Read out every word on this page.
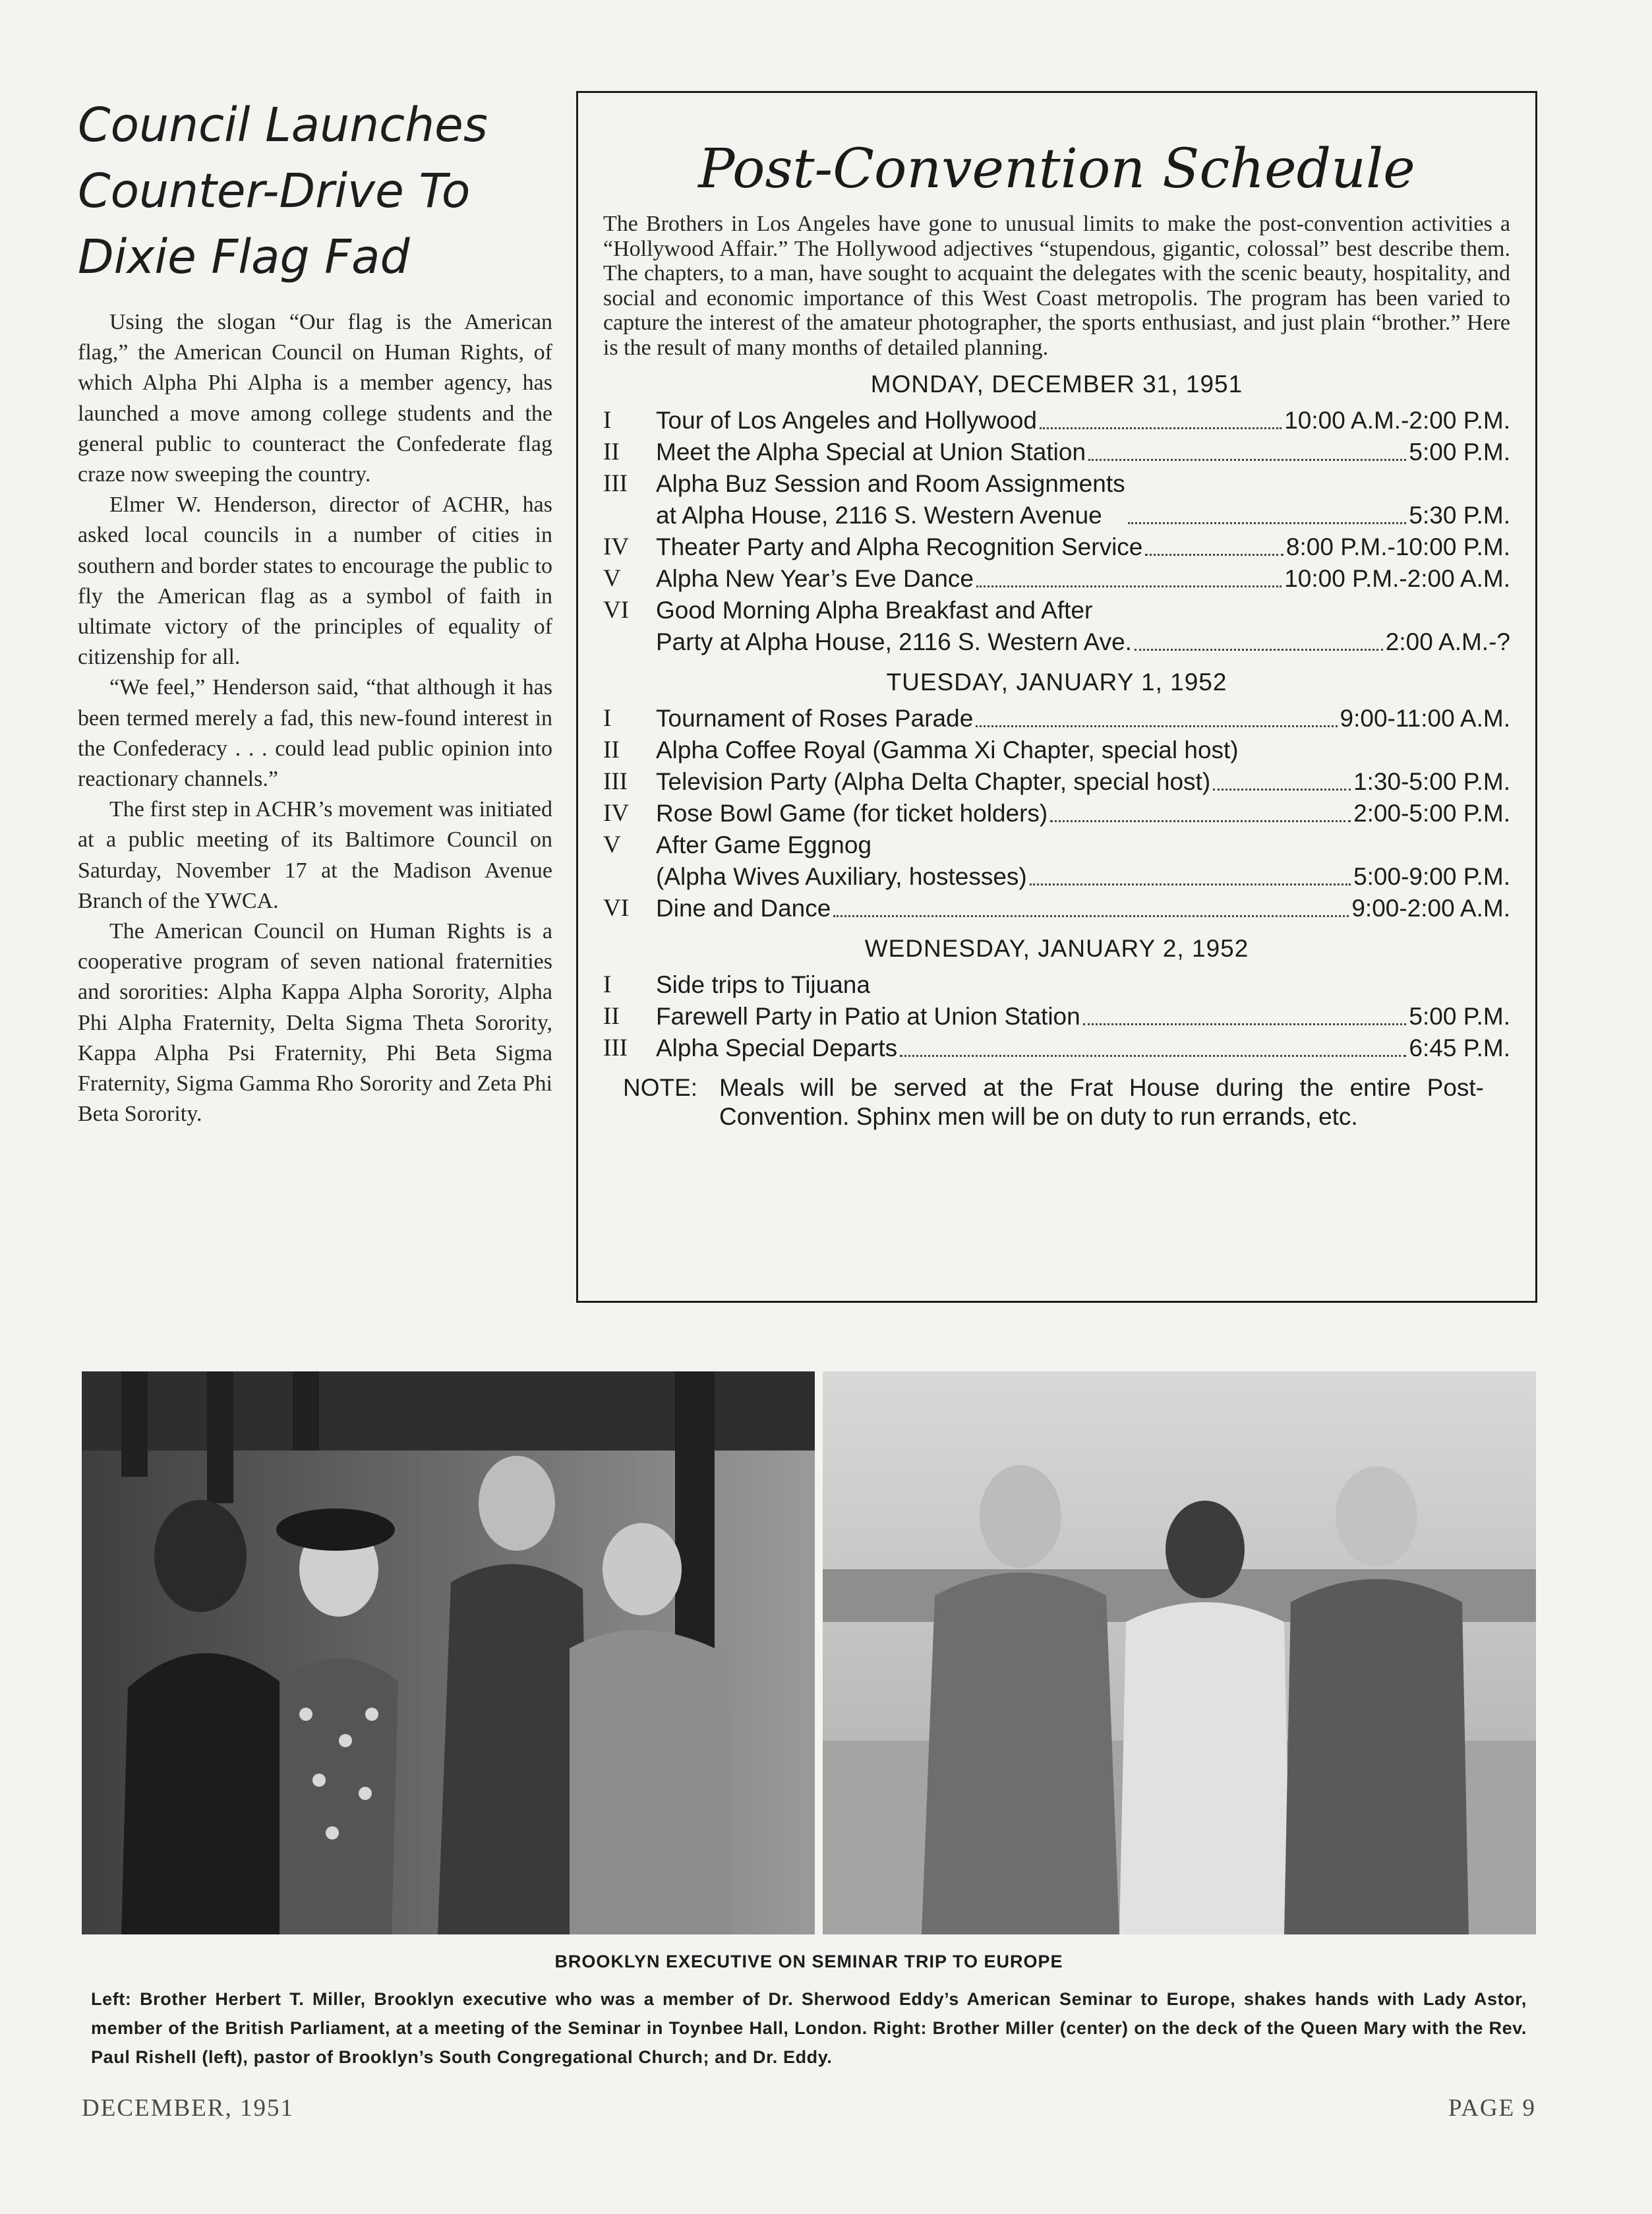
Council Launches
Counter-Drive To
Dixie Flag Fad

Using the slogan “Our flag is the American flag,” the American Council on Human Rights, of which Alpha Phi Alpha is a member agency, has launched a move among college students and the general public to counteract the Confederate flag craze now sweeping the country.

Elmer W. Henderson, director of ACHR, has asked local councils in a number of cities in southern and border states to encourage the public to fly the American flag as a symbol of faith in ultimate victory of the principles of equality of citizenship for all.

“We feel,” Henderson said, “that although it has been termed merely a fad, this new-found interest in the Confederacy . . . could lead public opinion into reactionary channels.”

The first step in ACHR’s movement was initiated at a public meeting of its Baltimore Council on Saturday, November 17 at the Madison Avenue Branch of the YWCA.

The American Council on Human Rights is a cooperative program of seven national fraternities and sororities: Alpha Kappa Alpha Sorority, Alpha Phi Alpha Fraternity, Delta Sigma Theta Sorority, Kappa Alpha Psi Fraternity, Phi Beta Sigma Fraternity, Sigma Gamma Rho Sorority and Zeta Phi Beta Sorority.

Post-Convention Schedule

The Brothers in Los Angeles have gone to unusual limits to make the post-convention activities a “Hollywood Affair.” The Hollywood adjectives “stupendous, gigantic, colossal” best describe them. The chapters, to a man, have sought to acquaint the delegates with the scenic beauty, hospitality, and social and economic importance of this West Coast metropolis. The program has been varied to capture the interest of the amateur photographer, the sports enthusiast, and just plain “brother.” Here is the result of many months of detailed planning.

MONDAY, DECEMBER 31, 1951
I	Tour of Los Angeles and Hollywood	10:00 A.M.-2:00 P.M.
II	Meet the Alpha Special at Union Station	5:00 P.M.
III	Alpha Buz Session and Room Assignments
at Alpha House, 2116 S. Western Avenue	5:30 P.M.
IV	Theater Party and Alpha Recognition Service	8:00 P.M.-10:00 P.M.
V	Alpha New Year’s Eve Dance	10:00 P.M.-2:00 A.M.
VI	Good Morning Alpha Breakfast and After
Party at Alpha House, 2116 S. Western Ave.	2:00 A.M.-?
TUESDAY, JANUARY 1, 1952
I	Tournament of Roses Parade	9:00-11:00 A.M.
II	Alpha Coffee Royal (Gamma Xi Chapter, special host)
III	Television Party (Alpha Delta Chapter, special host)	1:30-5:00 P.M.
IV	Rose Bowl Game (for ticket holders)	2:00-5:00 P.M.
V	After Game Eggnog
(Alpha Wives Auxiliary, hostesses)	5:00-9:00 P.M.
VI	Dine and Dance	9:00-2:00 A.M.
WEDNESDAY, JANUARY 2, 1952
I	Side trips to Tijuana
II	Farewell Party in Patio at Union Station	5:00 P.M.
III	Alpha Special Departs	6:45 P.M.
NOTE: Meals will be served at the Frat House during the entire Post-Convention. Sphinx men will be on duty to run errands, etc.
BROOKLYN EXECUTIVE ON SEMINAR TRIP TO EUROPE
Left: Brother Herbert T. Miller, Brooklyn executive who was a member of Dr. Sherwood Eddy’s American Seminar to Europe, shakes hands with Lady Astor, member of the British Parliament, at a meeting of the Seminar in Toynbee Hall, London. Right: Brother Miller (center) on the deck of the Queen Mary with the Rev. Paul Rishell (left), pastor of Brooklyn’s South Congregational Church; and Dr. Eddy.
DECEMBER, 1951	PAGE 9
